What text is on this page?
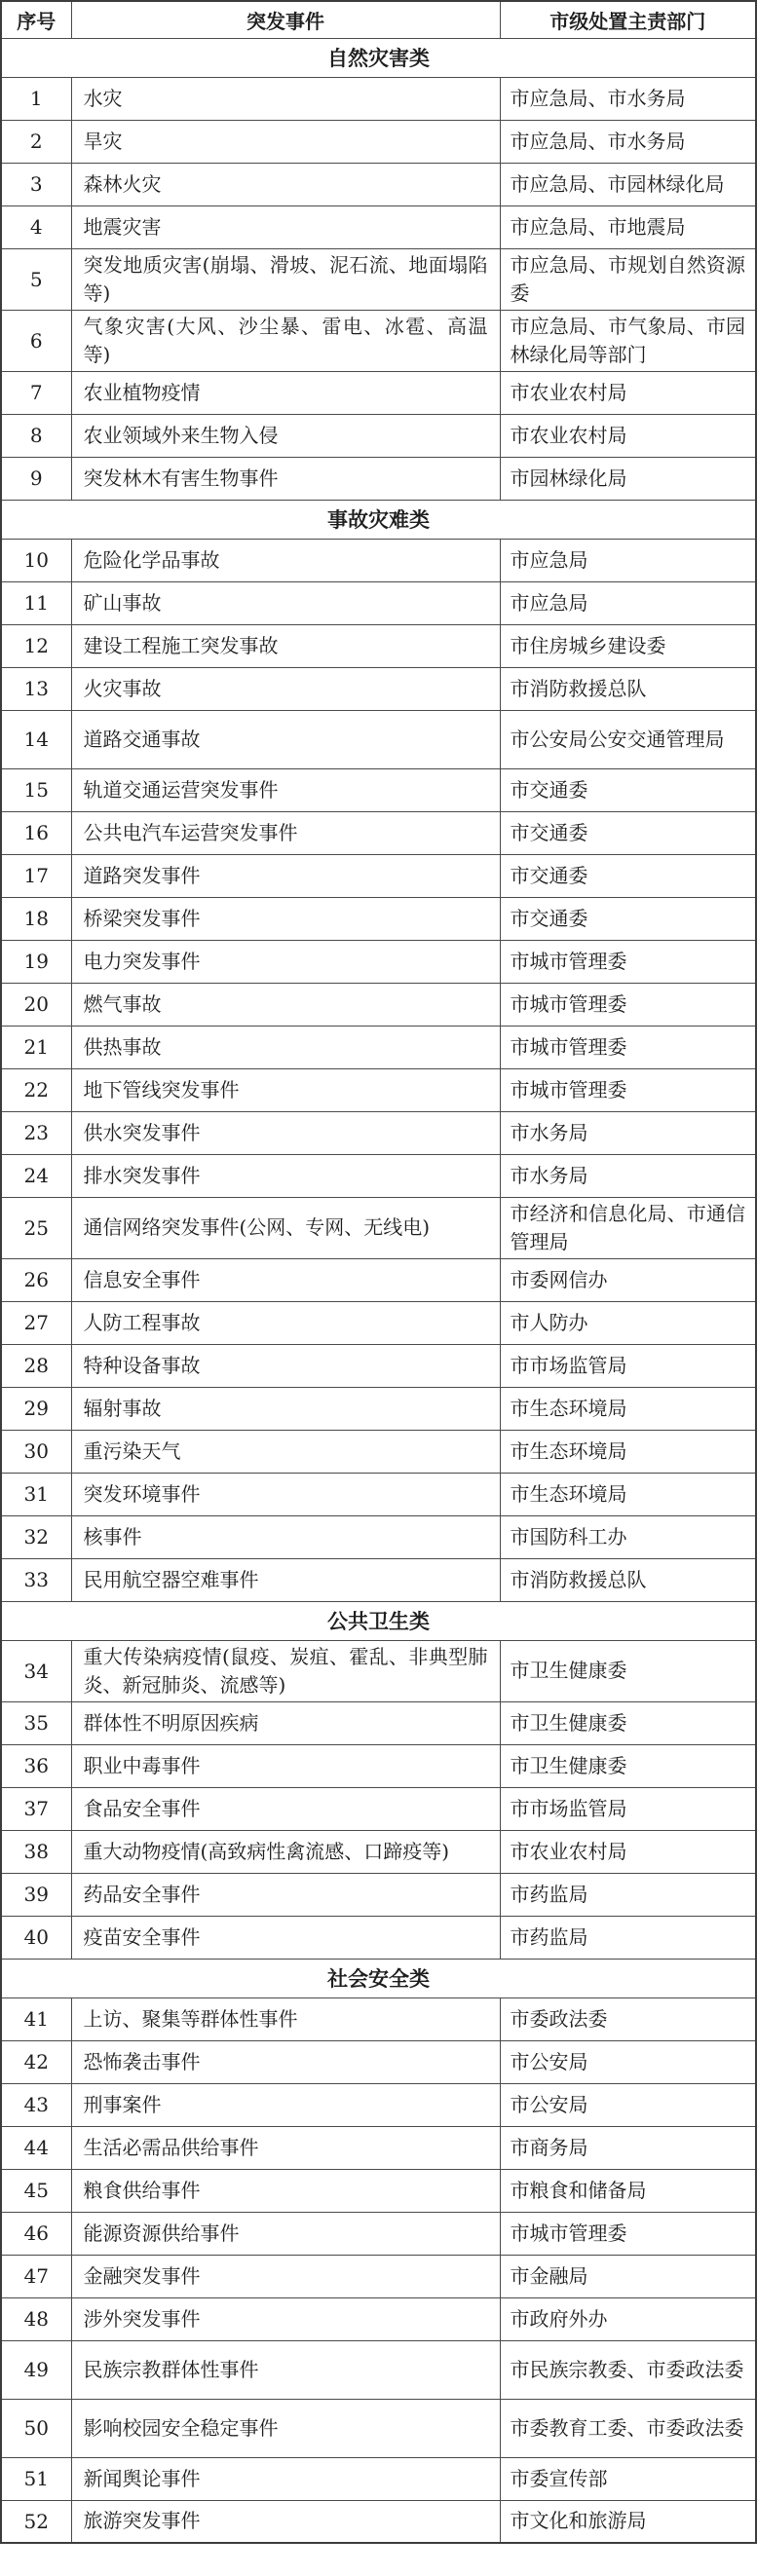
序号	突发事件	市级处置主责部门
自然灾害类		
1	水灾	市应急局、市水务局
2	旱灾	市应急局、市水务局
3	森林火灾	市应急局、市园林绿化局
4	地震灾害	市应急局、市地震局
5	突发地质灾害(崩塌、滑坡、泥石流、地面塌陷等)	市应急局、市规划自然资源委
6	气象灾害(大风、沙尘暴、雷电、冰雹、高温等)	市应急局、市气象局、市园林绿化局等部门
7	农业植物疫情	市农业农村局
8	农业领域外来生物入侵	市农业农村局
9	突发林木有害生物事件	市园林绿化局
事故灾难类		
10	危险化学品事故	市应急局
11	矿山事故	市应急局
12	建设工程施工突发事故	市住房城乡建设委
13	火灾事故	市消防救援总队
14	道路交通事故	市公安局公安交通管理局
15	轨道交通运营突发事件	市交通委
16	公共电汽车运营突发事件	市交通委
17	道路突发事件	市交通委
18	桥梁突发事件	市交通委
19	电力突发事件	市城市管理委
20	燃气事故	市城市管理委
21	供热事故	市城市管理委
22	地下管线突发事件	市城市管理委
23	供水突发事件	市水务局
24	排水突发事件	市水务局
25	通信网络突发事件(公网、专网、无线电)	市经济和信息化局、市通信管理局
26	信息安全事件	市委网信办
27	人防工程事故	市人防办
28	特种设备事故	市市场监管局
29	辐射事故	市生态环境局
30	重污染天气	市生态环境局
31	突发环境事件	市生态环境局
32	核事件	市国防科工办
33	民用航空器空难事件	市消防救援总队
公共卫生类		
34	重大传染病疫情(鼠疫、炭疽、霍乱、非典型肺炎、新冠肺炎、流感等)	市卫生健康委
35	群体性不明原因疾病	市卫生健康委
36	职业中毒事件	市卫生健康委
37	食品安全事件	市市场监管局
38	重大动物疫情(高致病性禽流感、口蹄疫等)	市农业农村局
39	药品安全事件	市药监局
40	疫苗安全事件	市药监局
社会安全类		
41	上访、聚集等群体性事件	市委政法委
42	恐怖袭击事件	市公安局
43	刑事案件	市公安局
44	生活必需品供给事件	市商务局
45	粮食供给事件	市粮食和储备局
46	能源资源供给事件	市城市管理委
47	金融突发事件	市金融局
48	涉外突发事件	市政府外办
49	民族宗教群体性事件	市民族宗教委、市委政法委
50	影响校园安全稳定事件	市委教育工委、市委政法委
51	新闻舆论事件	市委宣传部
52	旅游突发事件	市文化和旅游局
